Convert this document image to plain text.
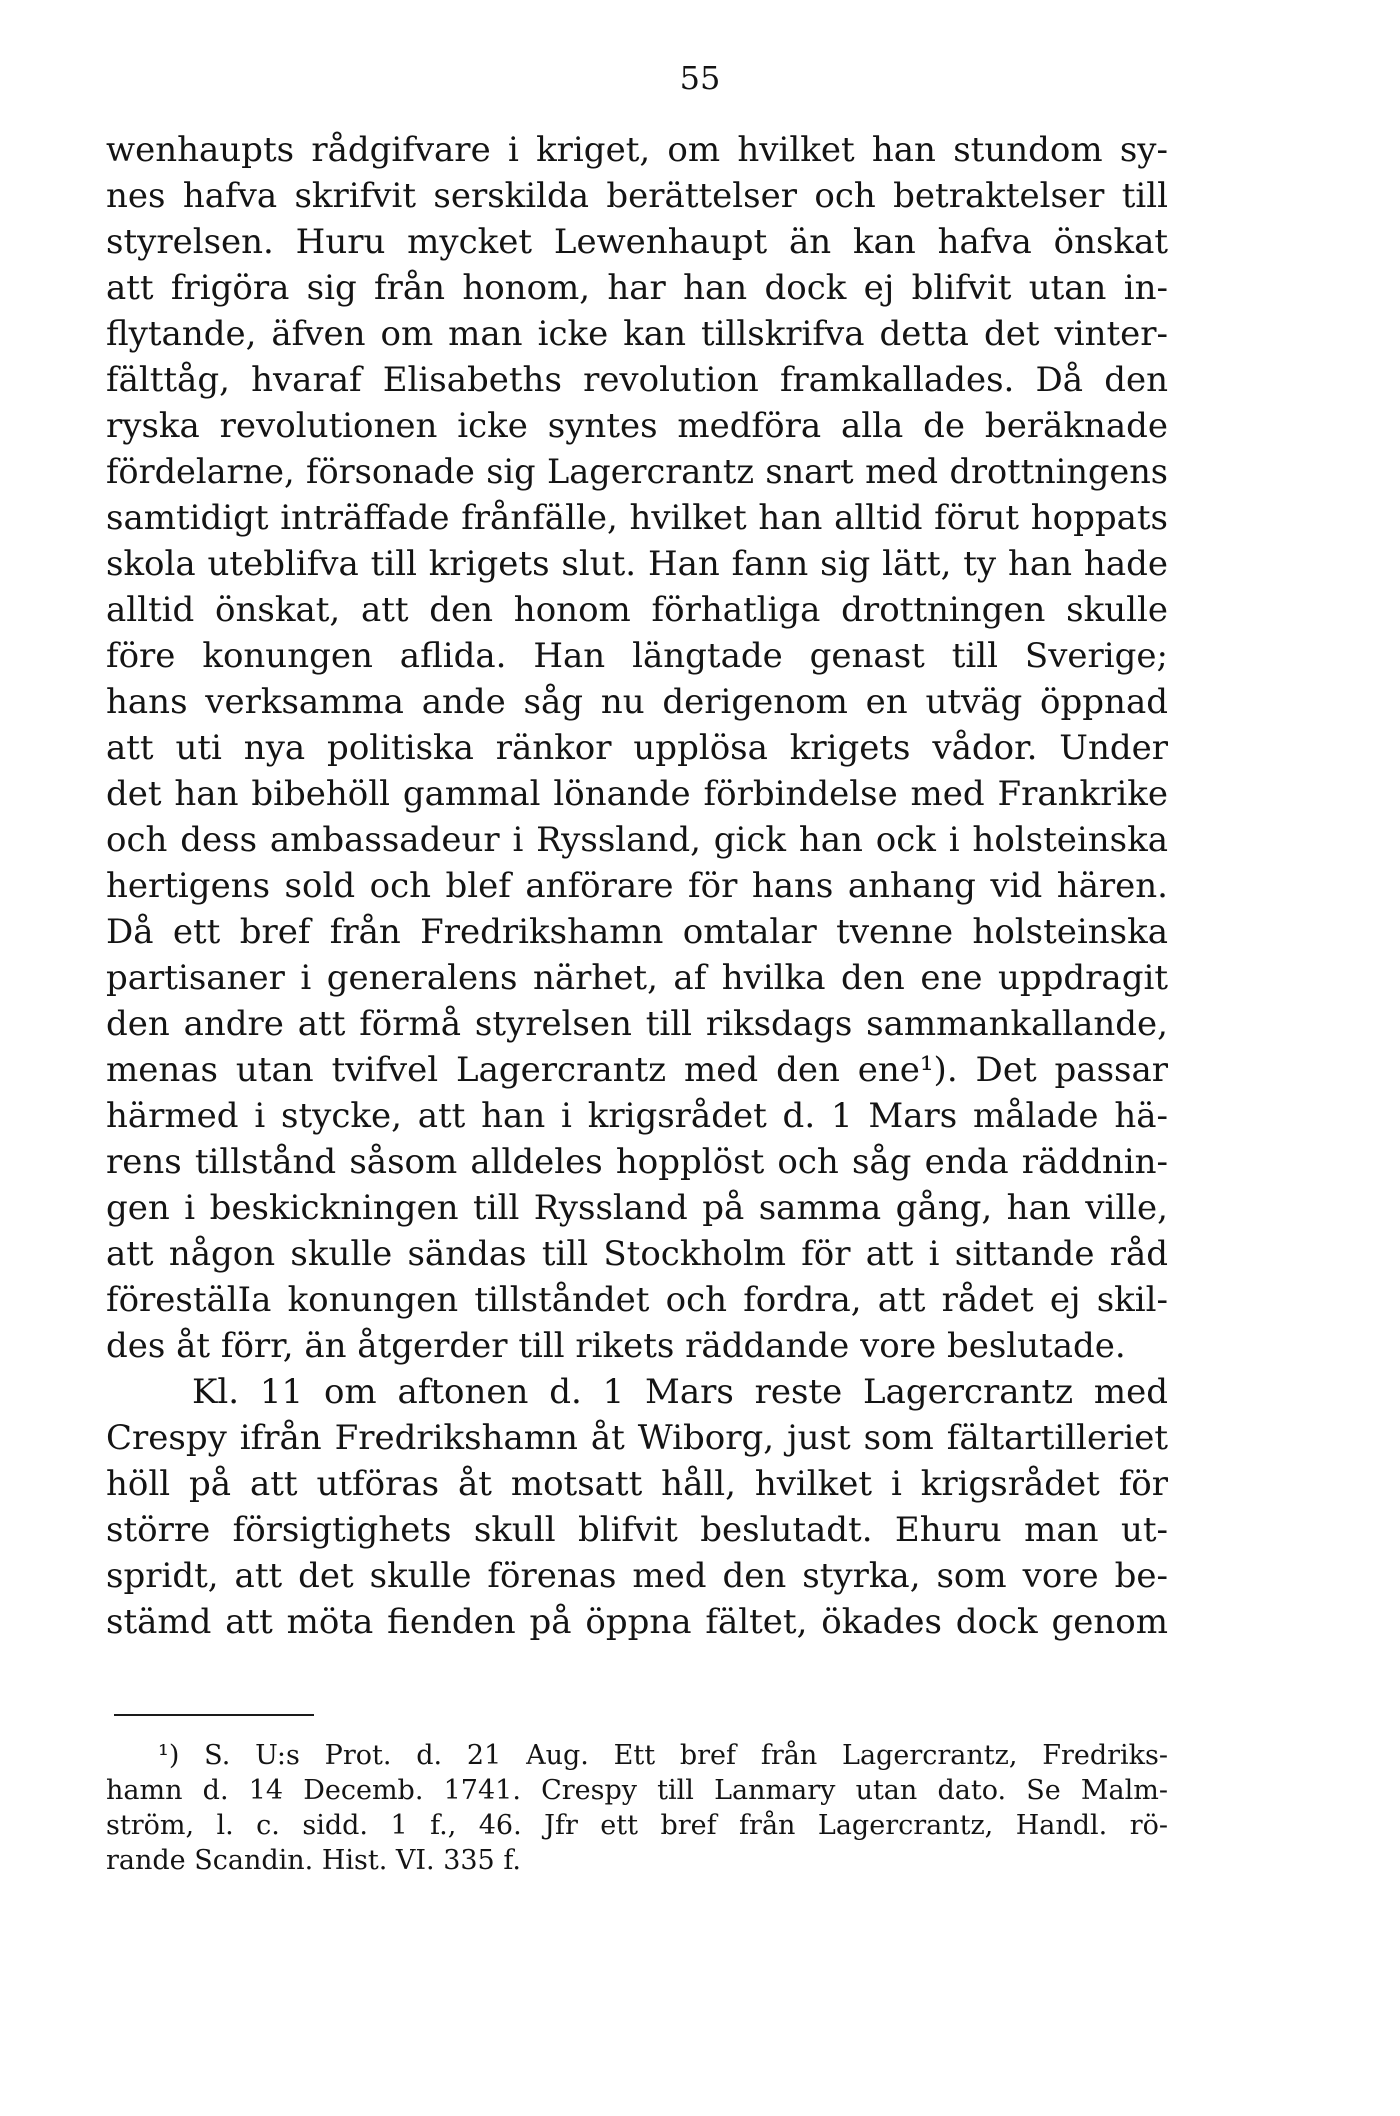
55
wenhaupts rådgifvare i kriget, om hvilket han stundom sy-
nes hafva skrifvit serskilda berättelser och betraktelser till
styrelsen. Huru mycket Lewenhaupt än kan hafva önskat
att frigöra sig från honom, har han dock ej blifvit utan in-
flytande, äfven om man icke kan tillskrifva detta det vinter-
fälttåg, hvaraf Elisabeths revolution framkallades. Då den
ryska revolutionen icke syntes medföra alla de beräknade
fördelarne, försonade sig Lagercrantz snart med drottningens
samtidigt inträffade frånfälle, hvilket han alltid förut hoppats
skola uteblifva till krigets slut. Han fann sig lätt, ty han hade
alltid önskat, att den honom förhatliga drottningen skulle
före konungen aflida. Han längtade genast till Sverige;
hans verksamma ande såg nu derigenom en utväg öppnad
att uti nya politiska ränkor upplösa krigets vådor. Under
det han bibehöll gammal lönande förbindelse med Frankrike
och dess ambassadeur i Ryssland, gick han ock i holsteinska
hertigens sold och blef anförare för hans anhang vid hären.
Då ett bref från Fredrikshamn omtalar tvenne holsteinska
partisaner i generalens närhet, af hvilka den ene uppdragit
den andre att förmå styrelsen till riksdags sammankallande,
menas utan tvifvel Lagercrantz med den ene¹). Det passar
härmed i stycke, att han i krigsrådet d. 1 Mars målade hä-
rens tillstånd såsom alldeles hopplöst och såg enda räddnin-
gen i beskickningen till Ryssland på samma gång, han ville,
att någon skulle sändas till Stockholm för att i sittande råd
förestälIa konungen tillståndet och fordra, att rådet ej skil-
des åt förr, än åtgerder till rikets räddande vore beslutade.
Kl. 11 om aftonen d. 1 Mars reste Lagercrantz med
Crespy ifrån Fredrikshamn åt Wiborg, just som fältartilleriet
höll på att utföras åt motsatt håll, hvilket i krigsrådet för
större försigtighets skull blifvit beslutadt. Ehuru man ut-
spridt, att det skulle förenas med den styrka, som vore be-
stämd att möta fienden på öppna fältet, ökades dock genom
¹) S. U:s Prot. d. 21 Aug. Ett bref från Lagercrantz, Fredriks-
hamn d. 14 Decemb. 1741. Crespy till Lanmary utan dato. Se Malm-
ström, l. c. sidd. 1 f., 46. Jfr ett bref från Lagercrantz, Handl. rö-
rande Scandin. Hist. VI. 335 f.
